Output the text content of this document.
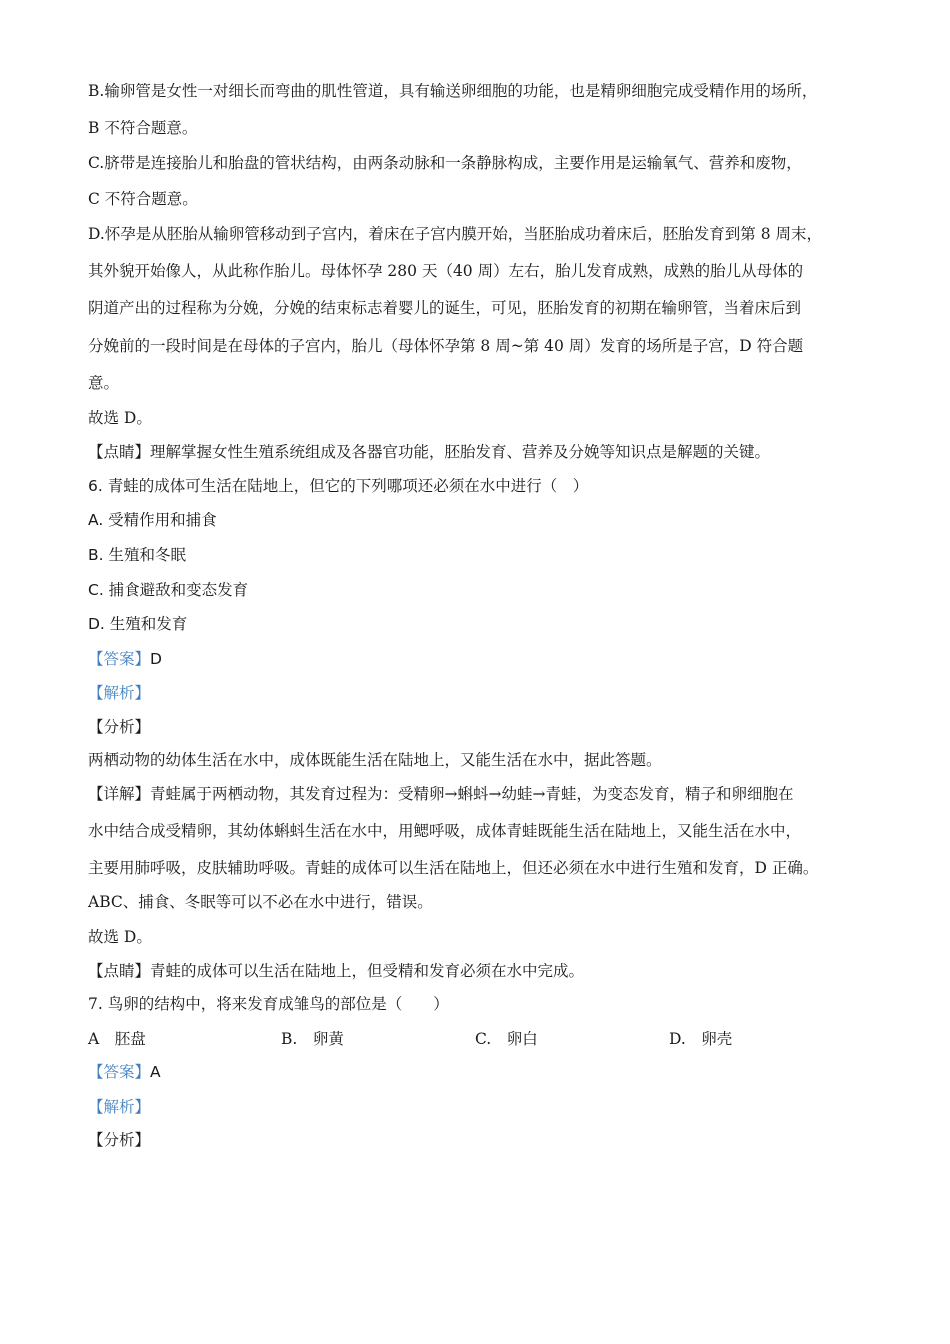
B.输卵管是女性一对细长而弯曲的肌性管道，具有输送卵细胞的功能，也是精卵细胞完成受精作用的场所，
B 不符合题意。
C.脐带是连接胎儿和胎盘的管状结构，由两条动脉和一条静脉构成，主要作用是运输氧气、营养和废物，
C 不符合题意。
D.怀孕是从胚胎从输卵管移动到子宫内，着床在子宫内膜开始，当胚胎成功着床后，胚胎发育到第 8 周末，
其外貌开始像人，从此称作胎儿。母体怀孕 280 天（40 周）左右，胎儿发育成熟，成熟的胎儿从母体的
阴道产出的过程称为分娩，分娩的结束标志着婴儿的诞生，可见，胚胎发育的初期在输卵管，当着床后到
分娩前的一段时间是在母体的子宫内，胎儿（母体怀孕第 8 周~第 40 周）发育的场所是子宫，D 符合题
意。
故选 D。
【点睛】理解掌握女性生殖系统组成及各器官功能，胚胎发育、营养及分娩等知识点是解题的关键。
6. 青蛙的成体可生活在陆地上，但它的下列哪项还必须在水中进行（　）
A. 受精作用和捕食
B. 生殖和冬眠
C. 捕食避敌和变态发育
D. 生殖和发育
【答案】D
【解析】
【分析】
两栖动物的幼体生活在水中，成体既能生活在陆地上，又能生活在水中，据此答题。
【详解】青蛙属于两栖动物，其发育过程为：受精卵→蝌蚪→幼蛙→青蛙，为变态发育，精子和卵细胞在
水中结合成受精卵，其幼体蝌蚪生活在水中，用鳃呼吸，成体青蛙既能生活在陆地上，又能生活在水中，
主要用肺呼吸，皮肤辅助呼吸。青蛙的成体可以生活在陆地上，但还必须在水中进行生殖和发育，D 正确。
ABC、捕食、冬眠等可以不必在水中进行，错误。
故选 D。
【点睛】青蛙的成体可以生活在陆地上，但受精和发育必须在水中完成。
7. 鸟卵的结构中，将来发育成雏鸟的部位是（　　）
A　胚盘	B.　卵黄	C.　卵白	D.　卵壳
【答案】A
【解析】
【分析】
